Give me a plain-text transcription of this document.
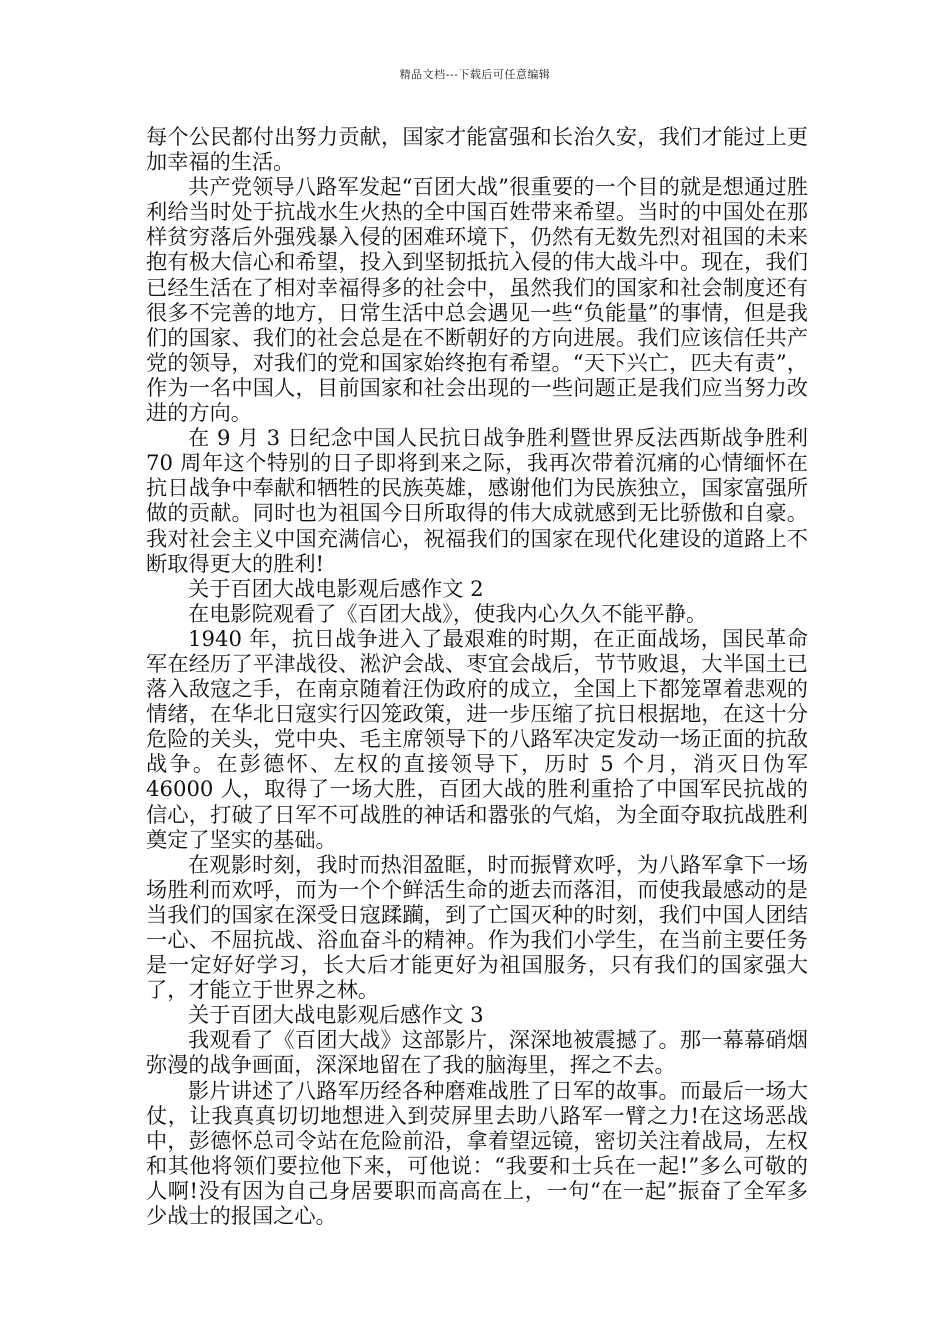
精品文档---下载后可任意编辑

每个公民都付出努力贡献，国家才能富强和长治久安，我们才能过上更加幸福的生活。

共产党领导八路军发起“百团大战”很重要的一个目的就是想通过胜利给当时处于抗战水生火热的全中国百姓带来希望。当时的中国处在那样贫穷落后外强残暴入侵的困难环境下，仍然有无数先烈对祖国的未来抱有极大信心和希望，投入到坚韧抵抗入侵的伟大战斗中。现在，我们已经生活在了相对幸福得多的社会中，虽然我们的国家和社会制度还有很多不完善的地方，日常生活中总会遇见一些“负能量”的事情，但是我们的国家、我们的社会总是在不断朝好的方向进展。我们应该信任共产党的领导，对我们的党和国家始终抱有希望。“天下兴亡，匹夫有责”，作为一名中国人，目前国家和社会出现的一些问题正是我们应当努力改进的方向。

在 9 月 3 日纪念中国人民抗日战争胜利暨世界反法西斯战争胜利 70 周年这个特别的日子即将到来之际，我再次带着沉痛的心情缅怀在抗日战争中奉献和牺牲的民族英雄，感谢他们为民族独立，国家富强所做的贡献。同时也为祖国今日所取得的伟大成就感到无比骄傲和自豪。我对社会主义中国充满信心，祝福我们的国家在现代化建设的道路上不断取得更大的胜利!

关于百团大战电影观后感作文 2

在电影院观看了《百团大战》，使我内心久久不能平静。

1940 年，抗日战争进入了最艰难的时期，在正面战场，国民革命军在经历了平津战役、淞沪会战、枣宜会战后，节节败退，大半国土已落入敌寇之手，在南京随着汪伪政府的成立，全国上下都笼罩着悲观的情绪，在华北日寇实行囚笼政策，进一步压缩了抗日根据地，在这十分危险的关头，党中央、毛主席领导下的八路军决定发动一场正面的抗敌战争。在彭德怀、左权的直接领导下，历时 5 个月，消灭日伪军 46000 人，取得了一场大胜，百团大战的胜利重拾了中国军民抗战的信心，打破了日军不可战胜的神话和嚣张的气焰，为全面夺取抗战胜利奠定了坚实的基础。

在观影时刻，我时而热泪盈眶，时而振臂欢呼，为八路军拿下一场场胜利而欢呼，而为一个个鲜活生命的逝去而落泪，而使我最感动的是当我们的国家在深受日寇蹂躏，到了亡国灭种的时刻，我们中国人团结一心、不屈抗战、浴血奋斗的精神。作为我们小学生，在当前主要任务是一定好好学习，长大后才能更好为祖国服务，只有我们的国家强大了，才能立于世界之林。

关于百团大战电影观后感作文 3

我观看了《百团大战》这部影片，深深地被震撼了。那一幕幕硝烟弥漫的战争画面，深深地留在了我的脑海里，挥之不去。

影片讲述了八路军历经各种磨难战胜了日军的故事。而最后一场大仗，让我真真切切地想进入到荧屏里去助八路军一臂之力!在这场恶战中，彭德怀总司令站在危险前沿，拿着望远镜，密切关注着战局，左权和其他将领们要拉他下来，可他说：“我要和士兵在一起!”多么可敬的人啊!没有因为自己身居要职而高高在上，一句“在一起”振奋了全军多少战士的报国之心。
